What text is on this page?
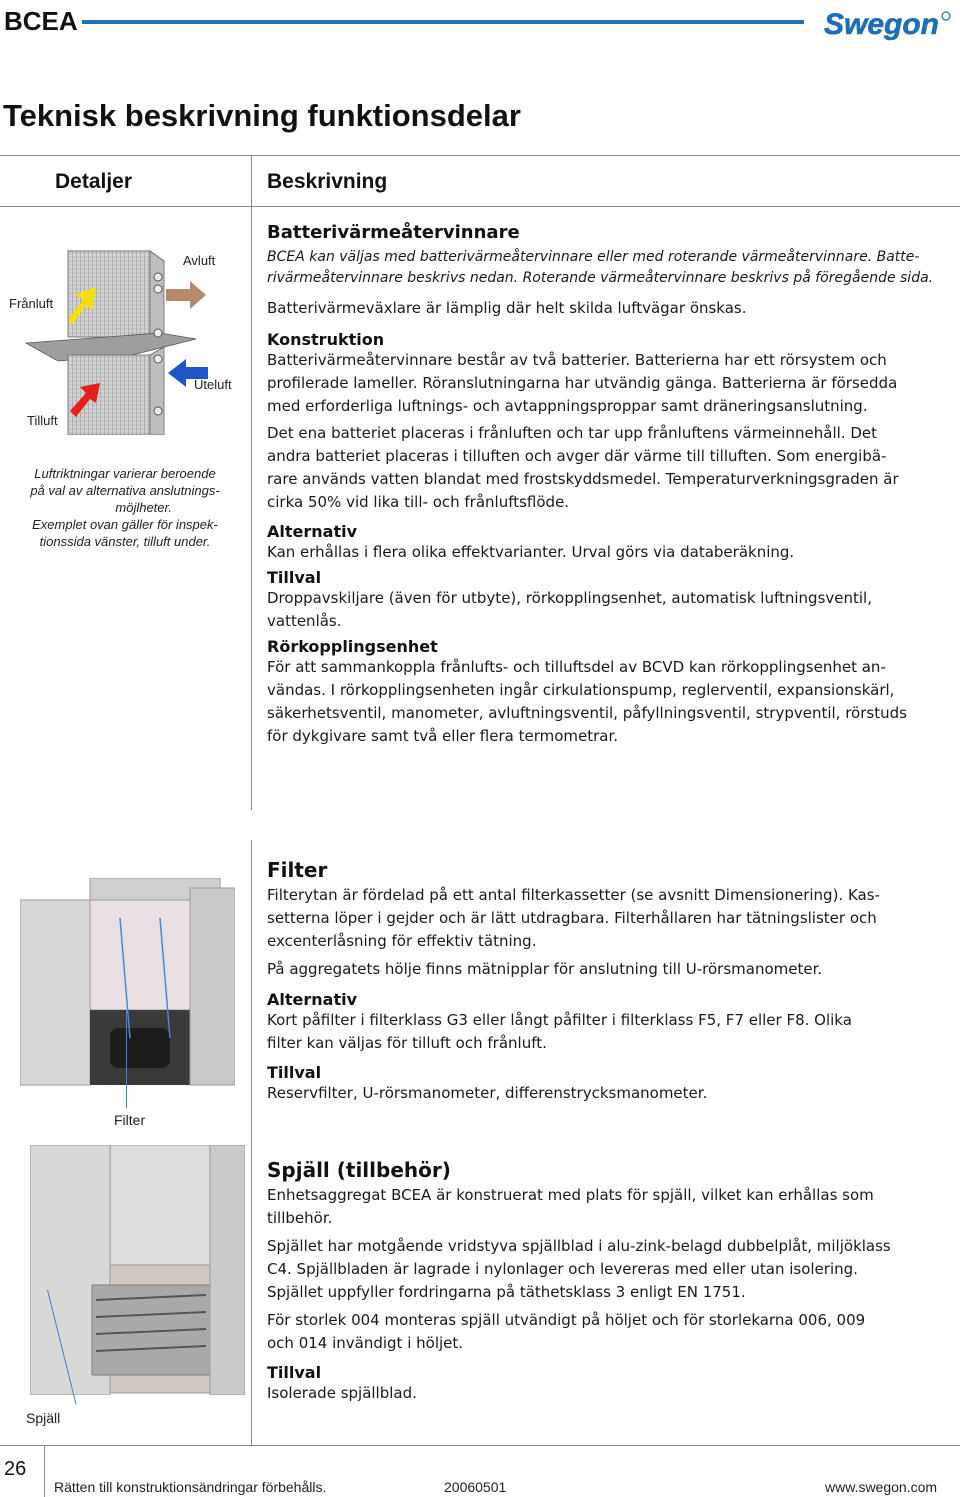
BCEA	Swegon
Teknisk beskrivning funktionsdelar
Detaljer	Beskrivning
Avluft
Frånluft
Uteluft
Tilluft
Luftriktningar varierar beroende
på val av alternativa anslutnings-
möjlheter.
Exemplet ovan gäller för inspek-
tionssida vänster, tilluft under.
Batterivärmeåtervinnare
BCEA kan väljas med batterivärmeåtervinnare eller med roterande värmeåtervinnare. Batte-
rivärmeåtervinnare beskrivs nedan. Roterande värmeåtervinnare beskrivs på föregående sida.
Batterivärmeväxlare är lämplig där helt skilda luftvägar önskas.
Konstruktion
Batterivärmeåtervinnare består av två batterier. Batterierna har ett rörsystem och
profilerade lameller. Röranslutningarna har utvändig gänga. Batterierna är försedda
med erforderliga luftnings- och avtappningsproppar samt dräneringsanslutning.
Det ena batteriet placeras i frånluften och tar upp frånluftens värmeinnehåll. Det
andra batteriet placeras i tilluften och avger där värme till tilluften. Som energibä-
rare används vatten blandat med frostskyddsmedel. Temperaturverkningsgraden är
cirka 50% vid lika till- och frånluftsflöde.
Alternativ
Kan erhållas i flera olika effektvarianter. Urval görs via databeräkning.
Tillval
Droppavskiljare (även för utbyte), rörkopplingsenhet, automatisk luftningsventil,
vattenlås.
Rörkopplingsenhet
För att sammankoppla frånlufts- och tilluftsdel av BCVD kan rörkopplingsenhet an-
vändas. I rörkopplingsenheten ingår cirkulationspump, reglerventil, expansionskärl,
säkerhetsventil, manometer, avluftningsventil, påfyllningsventil, strypventil, rörstuds
för dykgivare samt två eller flera termometrar.
Filter
Filter
Filterytan är fördelad på ett antal filterkassetter (se avsnitt Dimensionering). Kas-
setterna löper i gejder och är lätt utdragbara. Filterhållaren har tätningslister och
excenterlåsning för effektiv tätning.
På aggregatets hölje finns mätnipplar för anslutning till U-rörsmanometer.
Alternativ
Kort påfilter i filterklass G3 eller långt påfilter i filterklass F5, F7 eller F8. Olika
filter kan väljas för tilluft och frånluft.
Tillval
Reservfilter, U-rörsmanometer, differenstrycksmanometer.
Spjäll
Spjäll (tillbehör)
Enhetsaggregat BCEA är konstruerat med plats för spjäll, vilket kan erhållas som
tillbehör.
Spjället har motgående vridstyva spjällblad i alu-zink-belagd dubbelplåt, miljöklass
C4. Spjällbladen är lagrade i nylonlager och levereras med eller utan isolering.
Spjället uppfyller fordringarna på täthetsklass 3 enligt EN 1751.
För storlek 004 monteras spjäll utvändigt på höljet och för storlekarna 006, 009
och 014 invändigt i höljet.
Tillval
Isolerade spjällblad.
26
Rätten till konstruktionsändringar förbehålls.	20060501	www.swegon.com
